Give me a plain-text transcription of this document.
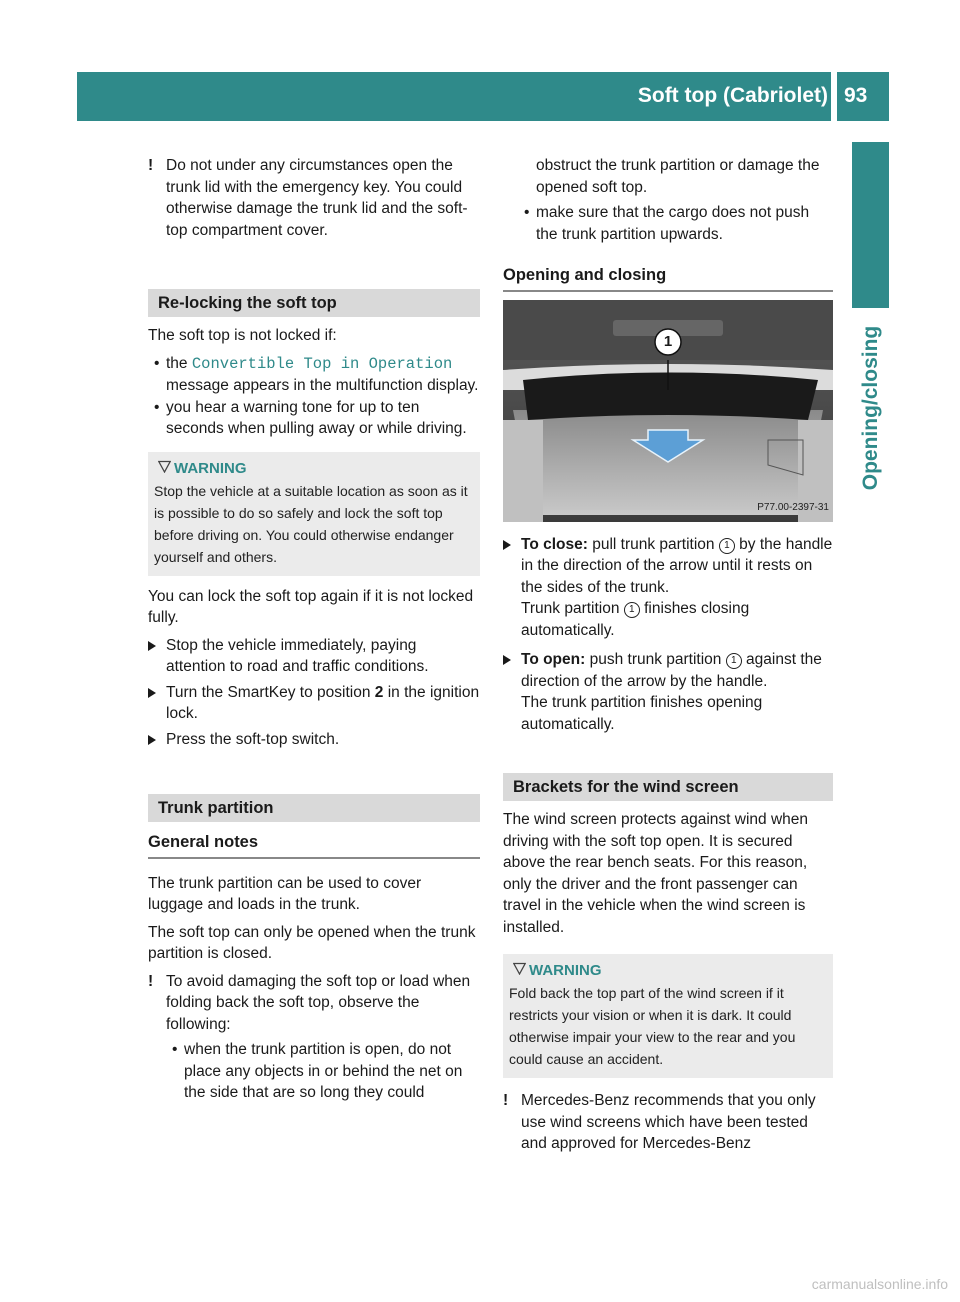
Soft top (Cabriolet) 93
Opening/closing

! Do not under any circumstances open the trunk lid with the emergency key. You could otherwise damage the trunk lid and the soft-top compartment cover.

Re-locking the soft top

The soft top is not locked if:

• the Convertible Top in Operation message appears in the multifunction display.

• you hear a warning tone for up to ten seconds when pulling away or while driving.

WARNING
Stop the vehicle at a suitable location as soon as it is possible to do so safely and lock the soft top before driving on. You could otherwise endanger yourself and others.

You can lock the soft top again if it is not locked fully.

Stop the vehicle immediately, paying attention to road and traffic conditions.

Turn the SmartKey to position 2 in the ignition lock.

Press the soft-top switch.

Trunk partition
General notes

The trunk partition can be used to cover luggage and loads in the trunk.

The soft top can only be opened when the trunk partition is closed.

! To avoid damaging the soft top or load when folding back the soft top, observe the following:

• when the trunk partition is open, do not place any objects in or behind the net on the side that are so long they could

obstruct the trunk partition or damage the opened soft top.

• make sure that the cargo does not push the trunk partition upwards.

Opening and closing
1
P77.00-2397-31

To close: pull trunk partition 1 by the handle in the direction of the arrow until it rests on the sides of the trunk.
Trunk partition 1 finishes closing automatically.

To open: push trunk partition 1 against the direction of the arrow by the handle.
The trunk partition finishes opening automatically.

Brackets for the wind screen

The wind screen protects against wind when driving with the soft top open. It is secured above the rear bench seats. For this reason, only the driver and the front passenger can travel in the vehicle when the wind screen is installed.

WARNING
Fold back the top part of the wind screen if it restricts your vision or when it is dark. It could otherwise impair your view to the rear and you could cause an accident.

! Mercedes-Benz recommends that you only use wind screens which have been tested and approved for Mercedes-Benz

carmanualsonline.info
